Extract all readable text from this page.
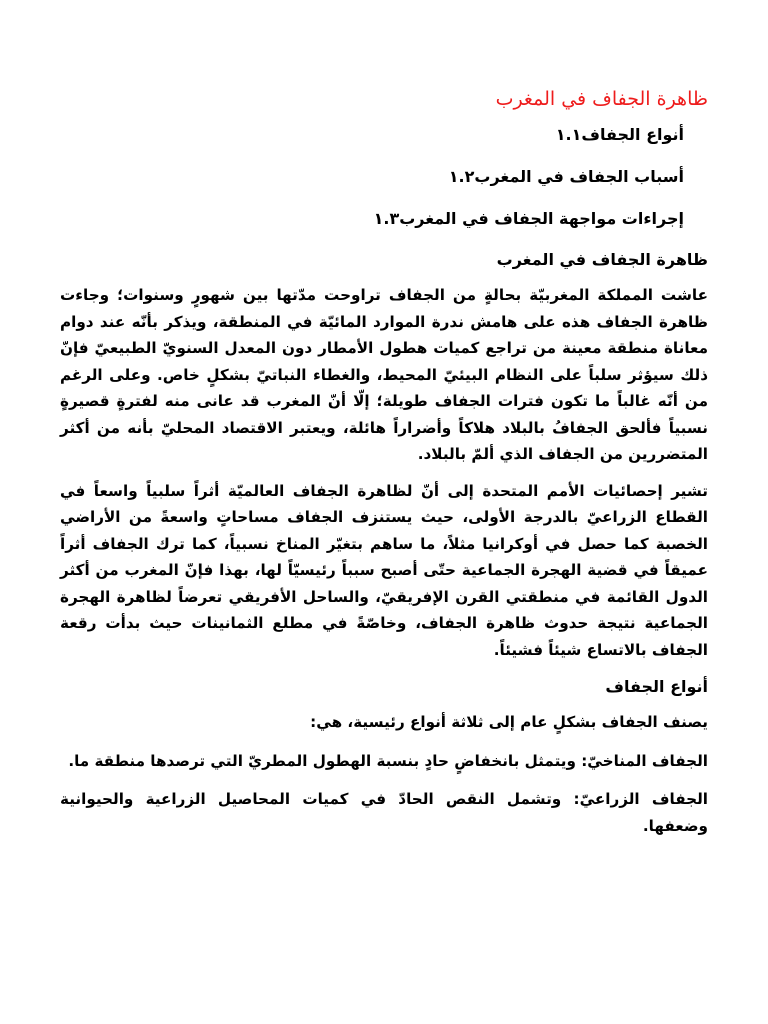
ظاهرة الجفاف في المغرب
أنواع الجفاف١.١
أسباب الجفاف في المغرب١.٢
إجراءات مواجهة الجفاف في المغرب١.٣
ظاهرة الجفاف في المغرب

عاشت المملكة المغربيّة بحالةٍ من الجفاف تراوحت مدّتها بين شهورٍ وسنوات؛ وجاءت ظاهرة الجفاف هذه على هامش ندرة الموارد المائيّة في المنطقة، ويذكر بأنّه عند دوام معاناة منطقة معينة من تراجع كميات هطول الأمطار دون المعدل السنويّ الطبيعيّ فإنّ ذلك سيؤثر سلباً على النظام البيئيّ المحيط، والغطاء النباتيّ بشكلٍ خاص. وعلى الرغم من أنّه غالباً ما تكون فترات الجفاف طويلة؛ إلّا أنّ المغرب قد عانى منه لفترةٍ قصيرةٍ نسبياً فألحق الجفافُ بالبلاد هلاكاً وأضراراً هائلة، ويعتبر الاقتصاد المحليّ بأنه من أكثر المتضررين من الجفاف الذي ألمّ بالبلاد.

تشير إحصائيات الأمم المتحدة إلى أنّ لظاهرة الجفاف العالميّة أثراً سلبياً واسعاً في القطاع الزراعيّ بالدرجة الأولى، حيث يستنزف الجفاف مساحاتٍ واسعةً من الأراضي الخصبة كما حصل في أوكرانيا مثلاً، ما ساهم بتغيّر المناخ نسبياً، كما ترك الجفاف أثراً عميقاً في قضية الهجرة الجماعية حتّى أصبح سبباً رئيسيّاً لها، بهذا فإنّ المغرب من أكثر الدول القائمة في منطقتي القرن الإفريقيّ، والساحل الأفريقي تعرضاً لظاهرة الهجرة الجماعية نتيجة حدوث ظاهرة الجفاف، وخاصّةً في مطلع الثمانينات حيث بدأت رقعة الجفاف بالاتساع شيئاً فشيئاً.

أنواع الجفاف

يصنف الجفاف بشكلٍ عام إلى ثلاثة أنواع رئيسية، هي:

الجفاف المناخيّ: ويتمثل بانخفاضٍ حادٍ بنسبة الهطول المطريّ التي ترصدها منطقة ما.

الجفاف الزراعيّ: وتشمل النقص الحادّ في كميات المحاصيل الزراعية والحيوانية وضعفها.
